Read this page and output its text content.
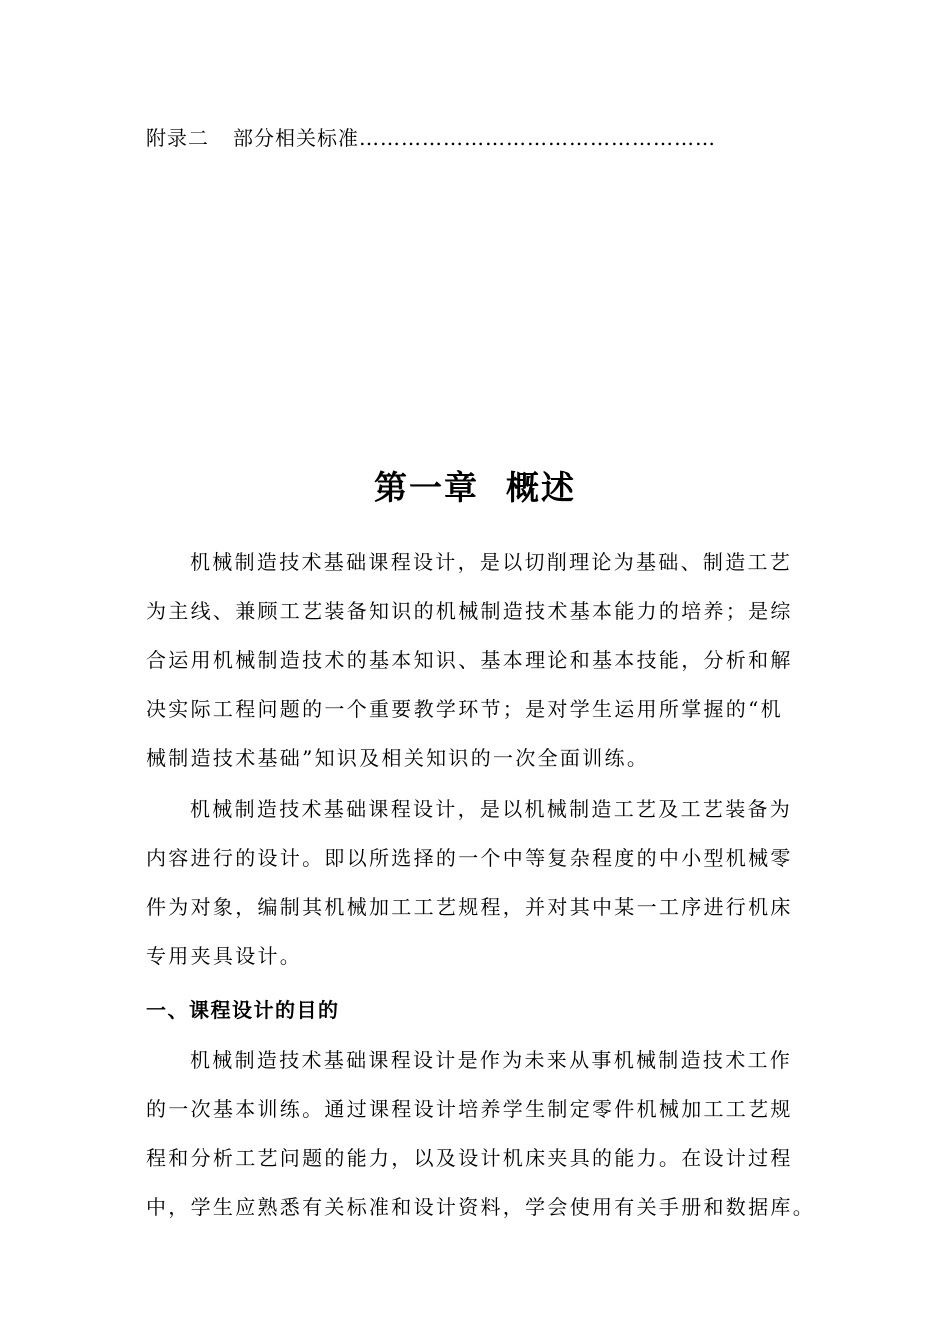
附录二 部分相关标准……………………………………………
第一章  概述
机械制造技术基础课程设计，是以切削理论为基础、制造工艺
为主线、兼顾工艺装备知识的机械制造技术基本能力的培养；是综
合运用机械制造技术的基本知识、基本理论和基本技能，分析和解
决实际工程问题的一个重要教学环节；是对学生运用所掌握的“机
械制造技术基础”知识及相关知识的一次全面训练。
机械制造技术基础课程设计，是以机械制造工艺及工艺装备为
内容进行的设计。即以所选择的一个中等复杂程度的中小型机械零
件为对象，编制其机械加工工艺规程，并对其中某一工序进行机床
专用夹具设计。
一、课程设计的目的
机械制造技术基础课程设计是作为未来从事机械制造技术工作
的一次基本训练。通过课程设计培养学生制定零件机械加工工艺规
程和分析工艺问题的能力，以及设计机床夹具的能力。在设计过程
中，学生应熟悉有关标准和设计资料，学会使用有关手册和数据库。
